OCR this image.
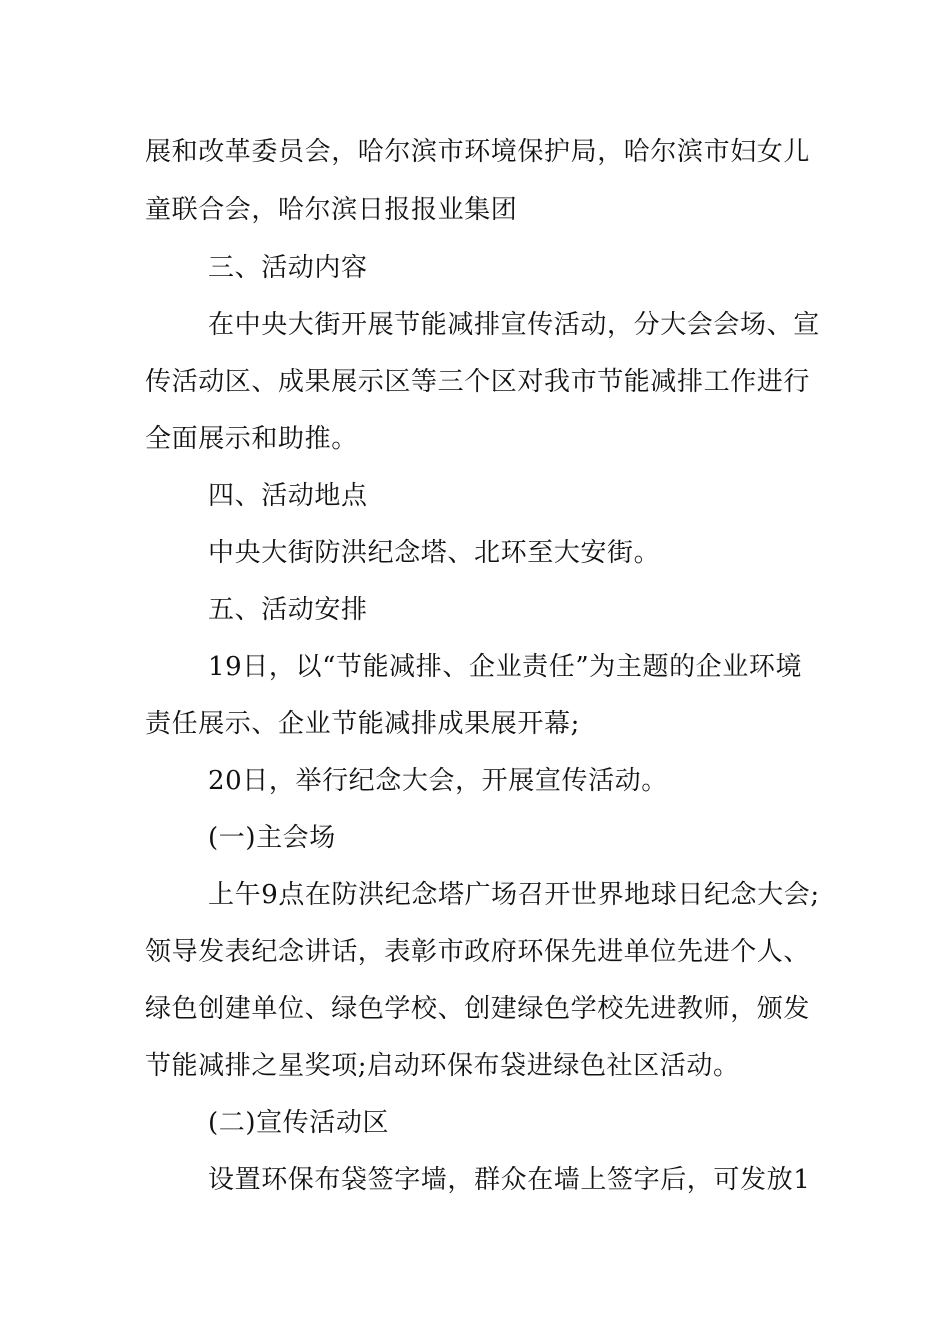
展和改革委员会，哈尔滨市环境保护局，哈尔滨市妇女儿
童联合会，哈尔滨日报报业集团
三、活动内容
在中央大街开展节能减排宣传活动，分大会会场、宣
传活动区、成果展示区等三个区对我市节能减排工作进行
全面展示和助推。
四、活动地点
中央大街防洪纪念塔、北环至大安街。
五、活动安排
19日，以“节能减排、企业责任”为主题的企业环境
责任展示、企业节能减排成果展开幕;
20日，举行纪念大会，开展宣传活动。
(一)主会场
上午9点在防洪纪念塔广场召开世界地球日纪念大会;
领导发表纪念讲话，表彰市政府环保先进单位先进个人、
绿色创建单位、绿色学校、创建绿色学校先进教师，颁发
节能减排之星奖项;启动环保布袋进绿色社区活动。
(二)宣传活动区
设置环保布袋签字墙，群众在墙上签字后，可发放1
